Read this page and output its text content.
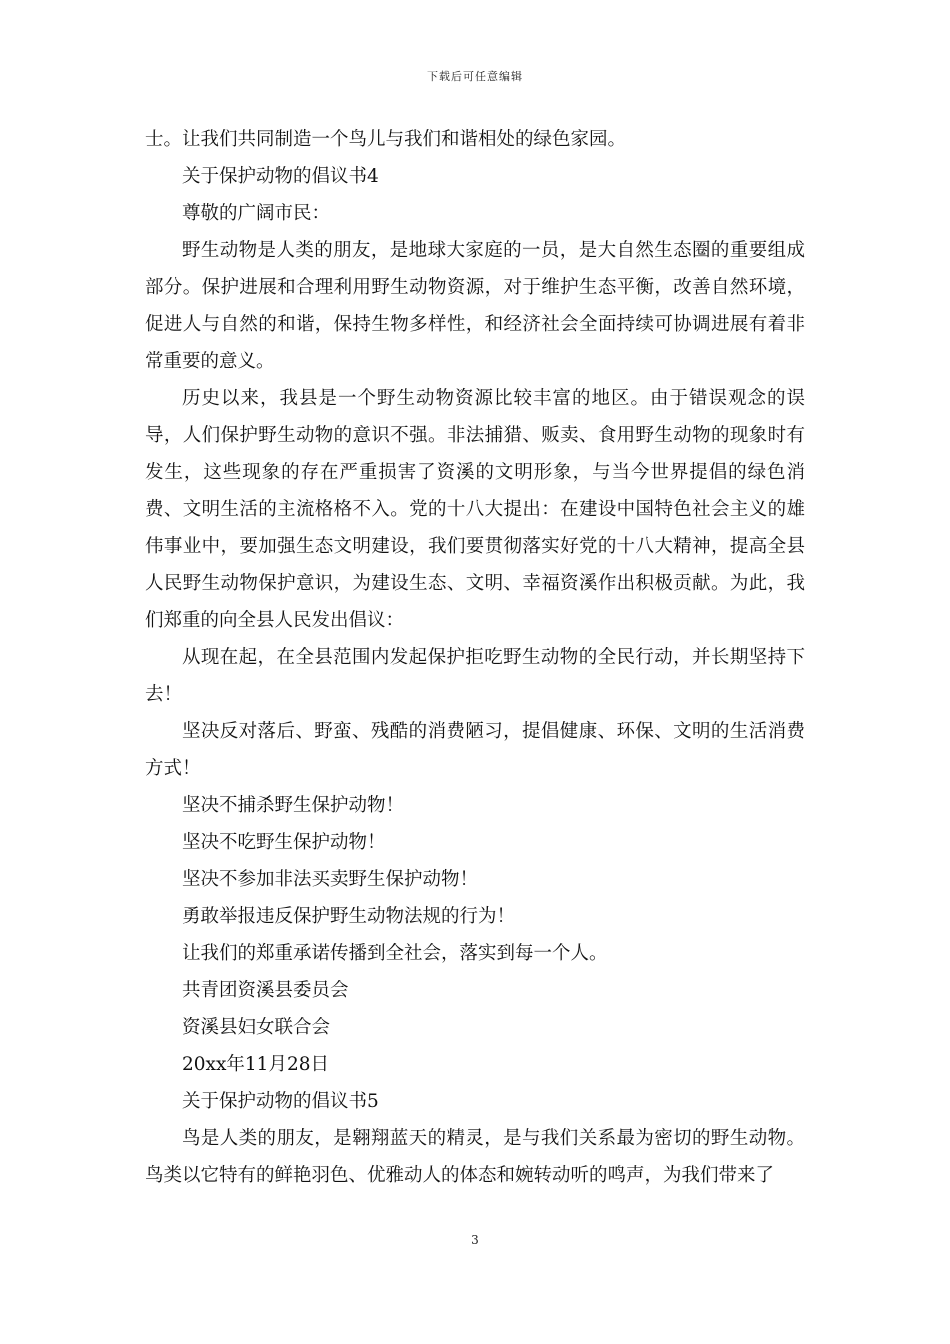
下载后可任意编辑

士。让我们共同制造一个鸟儿与我们和谐相处的绿色家园。

关于保护动物的倡议书4

尊敬的广阔市民：

野生动物是人类的朋友，是地球大家庭的一员，是大自然生态圈的重要组成部分。保护进展和合理利用野生动物资源，对于维护生态平衡，改善自然环境，促进人与自然的和谐，保持生物多样性，和经济社会全面持续可协调进展有着非常重要的意义。

历史以来，我县是一个野生动物资源比较丰富的地区。由于错误观念的误导，人们保护野生动物的意识不强。非法捕猎、贩卖、食用野生动物的现象时有发生，这些现象的存在严重损害了资溪的文明形象，与当今世界提倡的绿色消费、文明生活的主流格格不入。党的十八大提出：在建设中国特色社会主义的雄伟事业中，要加强生态文明建设，我们要贯彻落实好党的十八大精神，提高全县人民野生动物保护意识，为建设生态、文明、幸福资溪作出积极贡献。为此，我们郑重的向全县人民发出倡议：

从现在起，在全县范围内发起保护拒吃野生动物的全民行动，并长期坚持下去！

坚决反对落后、野蛮、残酷的消费陋习，提倡健康、环保、文明的生活消费方式！

坚决不捕杀野生保护动物！

坚决不吃野生保护动物！

坚决不参加非法买卖野生保护动物！

勇敢举报违反保护野生动物法规的行为！

让我们的郑重承诺传播到全社会，落实到每一个人。

共青团资溪县委员会

资溪县妇女联合会

20xx年11月28日

关于保护动物的倡议书5

鸟是人类的朋友，是翱翔蓝天的精灵，是与我们关系最为密切的野生动物。鸟类以它特有的鲜艳羽色、优雅动人的体态和婉转动听的鸣声，为我们带来了

3
